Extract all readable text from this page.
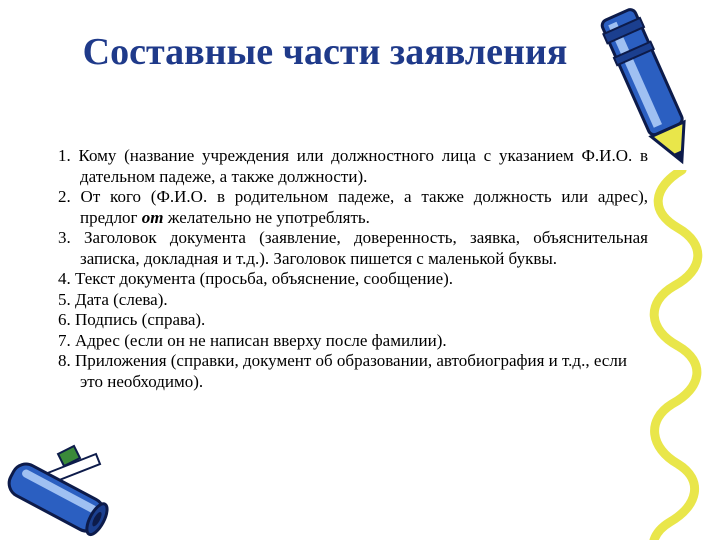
Составные части заявления

1. Кому (название учреждения или должностного лица с указанием Ф.И.О. в дательном падеже, а также должности).

2. От кого (Ф.И.О. в родительном падеже, а также должность или адрес), предлог от желательно не употреблять.

3. Заголовок документа (заявление, доверенность, заявка, объяснительная записка, докладная и т.д.). Заголовок пишется с маленькой буквы.

4. Текст документа (просьба, объяснение, сообщение).

5. Дата (слева).

6. Подпись (справа).

7. Адрес (если он не написан вверху после фамилии).

8. Приложения (справки, документ об образовании, автобиография и т.д., если это необходимо).
